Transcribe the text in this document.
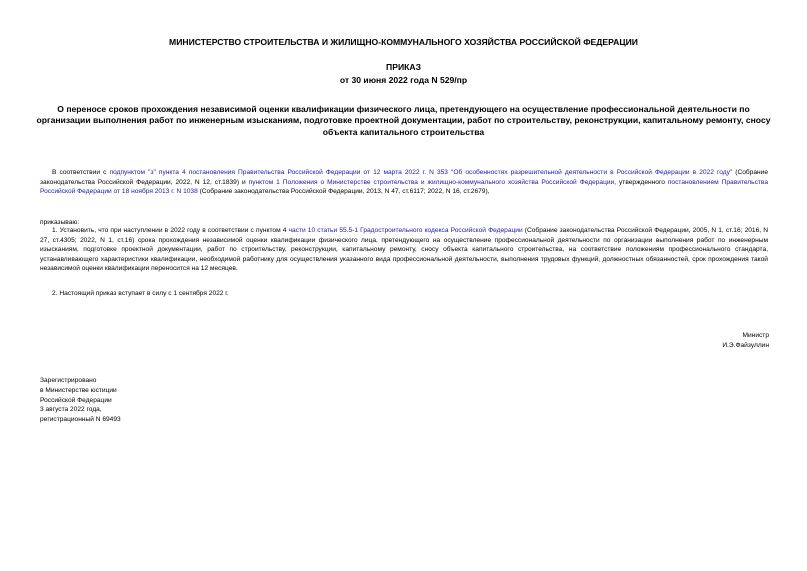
МИНИСТЕРСТВО СТРОИТЕЛЬСТВА И ЖИЛИЩНО-КОММУНАЛЬНОГО ХОЗЯЙСТВА РОССИЙСКОЙ ФЕДЕРАЦИИ
ПРИКАЗ
от 30 июня 2022 года N 529/пр
О переносе сроков прохождения независимой оценки квалификации физического лица, претендующего на осуществление профессиональной деятельности по организации выполнения работ по инженерным изысканиям, подготовке проектной документации, работ по строительству, реконструкции, капитальному ремонту, сносу объекта капитального строительства
В соответствии с подпунктом "з" пункта 4 постановления Правительства Российской Федерации от 12 марта 2022 г. N 353 "Об особенностях разрешительной деятельности в Российской Федерации в 2022 году" (Собрание законодательства Российской Федерации, 2022, N 12, ст.1839) и пунктом 1 Положения о Министерстве строительства и жилищно-коммунального хозяйства Российской Федерации, утвержденного постановлением Правительства Российской Федерации от 18 ноября 2013 г. N 1038 (Собрание законодательства Российской Федерации, 2013, N 47, ст.6117; 2022, N 16, ст.2679),
приказываю:
1. Установить, что при наступлении в 2022 году в соответствии с пунктом 4 части 10 статьи 55.5-1 Градостроительного кодекса Российской Федерации (Собрание законодательства Российской Федерации, 2005, N 1, ст.16; 2016, N 27, ст.4305; 2022, N 1, ст.16) срока прохождения независимой оценки квалификации физического лица, претендующего на осуществление профессиональной деятельности по организации выполнения работ по инженерным изысканиям, подготовке проектной документации, работ по строительству, реконструкции, капитальному ремонту, сносу объекта капитального строительства, на соответствие положениям профессионального стандарта, устанавливающего характеристики квалификации, необходимой работнику для осуществления указанного вида профессиональной деятельности, выполнения трудовых функций, должностных обязанностей, срок прохождения такой независимой оценки квалификации переносится на 12 месяцев.
2. Настоящий приказ вступает в силу с 1 сентября 2022 г.
Министр
И.Э.Файзуллин
Зарегистрировано
в Министерстве юстиции
Российской Федерации
3 августа 2022 года,
регистрационный N 69493
